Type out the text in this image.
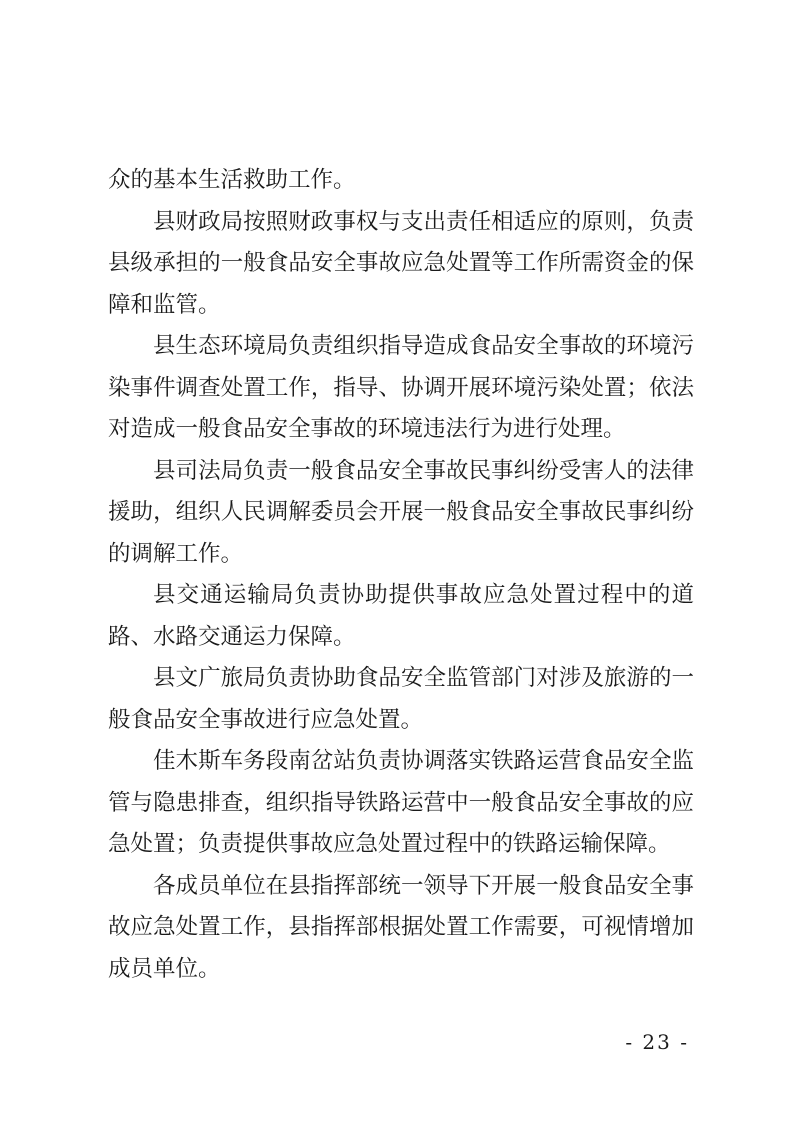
众的基本生活救助工作。

县财政局按照财政事权与支出责任相适应的原则，负责县级承担的一般食品安全事故应急处置等工作所需资金的保障和监管。

县生态环境局负责组织指导造成食品安全事故的环境污染事件调查处置工作，指导、协调开展环境污染处置；依法对造成一般食品安全事故的环境违法行为进行处理。

县司法局负责一般食品安全事故民事纠纷受害人的法律援助，组织人民调解委员会开展一般食品安全事故民事纠纷的调解工作。

县交通运输局负责协助提供事故应急处置过程中的道路、水路交通运力保障。

县文广旅局负责协助食品安全监管部门对涉及旅游的一般食品安全事故进行应急处置。

佳木斯车务段南岔站负责协调落实铁路运营食品安全监管与隐患排查，组织指导铁路运营中一般食品安全事故的应急处置；负责提供事故应急处置过程中的铁路运输保障。

各成员单位在县指挥部统一领导下开展一般食品安全事故应急处置工作，县指挥部根据处置工作需要，可视情增加成员单位。

- 23 -
